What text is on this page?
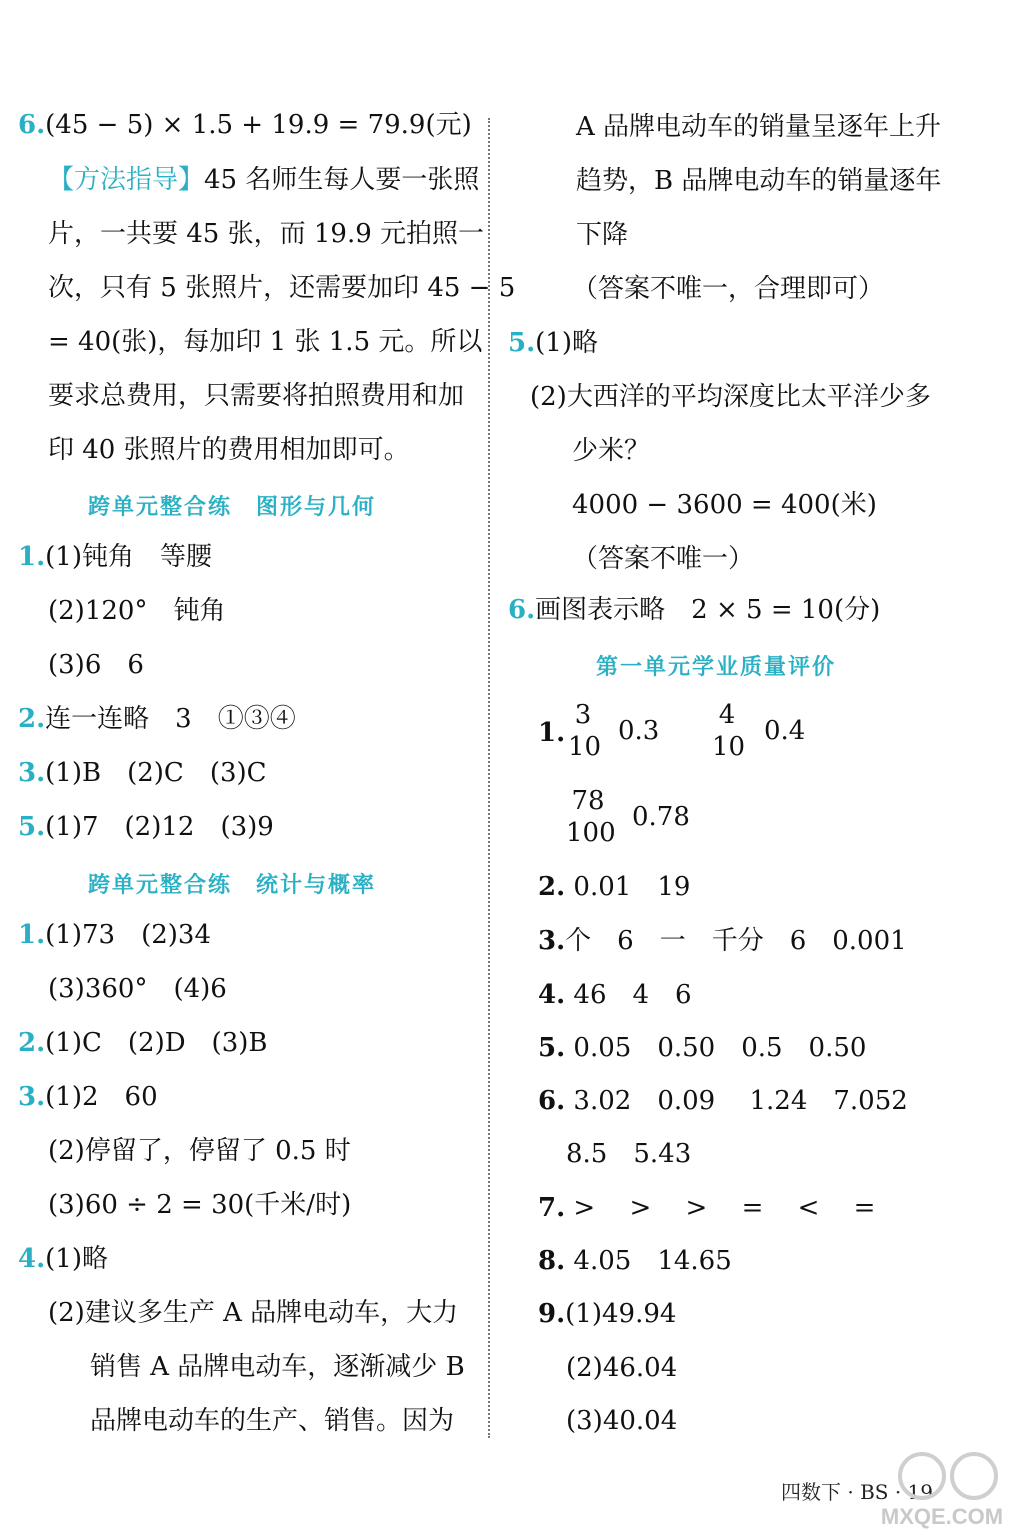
6.(45 − 5) × 1.5 + 19.9 = 79.9(元)
【方法指导】45 名师生每人要一张照
片，一共要 45 张，而 19.9 元拍照一
次，只有 5 张照片，还需要加印 45 − 5
= 40(张)，每加印 1 张 1.5 元。所以
要求总费用，只需要将拍照费用和加
印 40 张照片的费用相加即可。
跨单元整合练　图形与几何
1.(1)钝角　等腰
(2)120°　钝角
(3)6　6
2.连一连略　3　①③④
3.(1)B　(2)C　(3)C
5.(1)7　(2)12　(3)9
跨单元整合练　统计与概率
1.(1)73　(2)34
(3)360°　(4)6
2.(1)C　(2)D　(3)B
3.(1)2　60
(2)停留了，停留了 0.5 时
(3)60 ÷ 2 = 30(千米/时)
4.(1)略
(2)建议多生产 A 品牌电动车，大力
销售 A 品牌电动车，逐渐减少 B
品牌电动车的生产、销售。因为
A 品牌电动车的销量呈逐年上升
趋势，B 品牌电动车的销量逐年
下降
（答案不唯一，合理即可）
5.(1)略
(2)大西洋的平均深度比太平洋少多
少米？
4000 − 3600 = 400(米)
（答案不唯一）
6.画图表示略　2 × 5 = 10(分)
第一单元学业质量评价
1.
3
10
0.3
4
10
0.4
78
100
0.78
2. 0.01　19
3.个　6　一　千分　6　0.001
4. 46　4　6
5. 0.05　0.50　0.5　0.50
6. 3.02　0.09　 1.24　7.052
8.5　5.43
7. >　 >　 >　 =　 <　 =
8. 4.05　14.65
9.(1)49.94
(2)46.04
(3)40.04
四数下 · BS · 19
MXQE.COM
